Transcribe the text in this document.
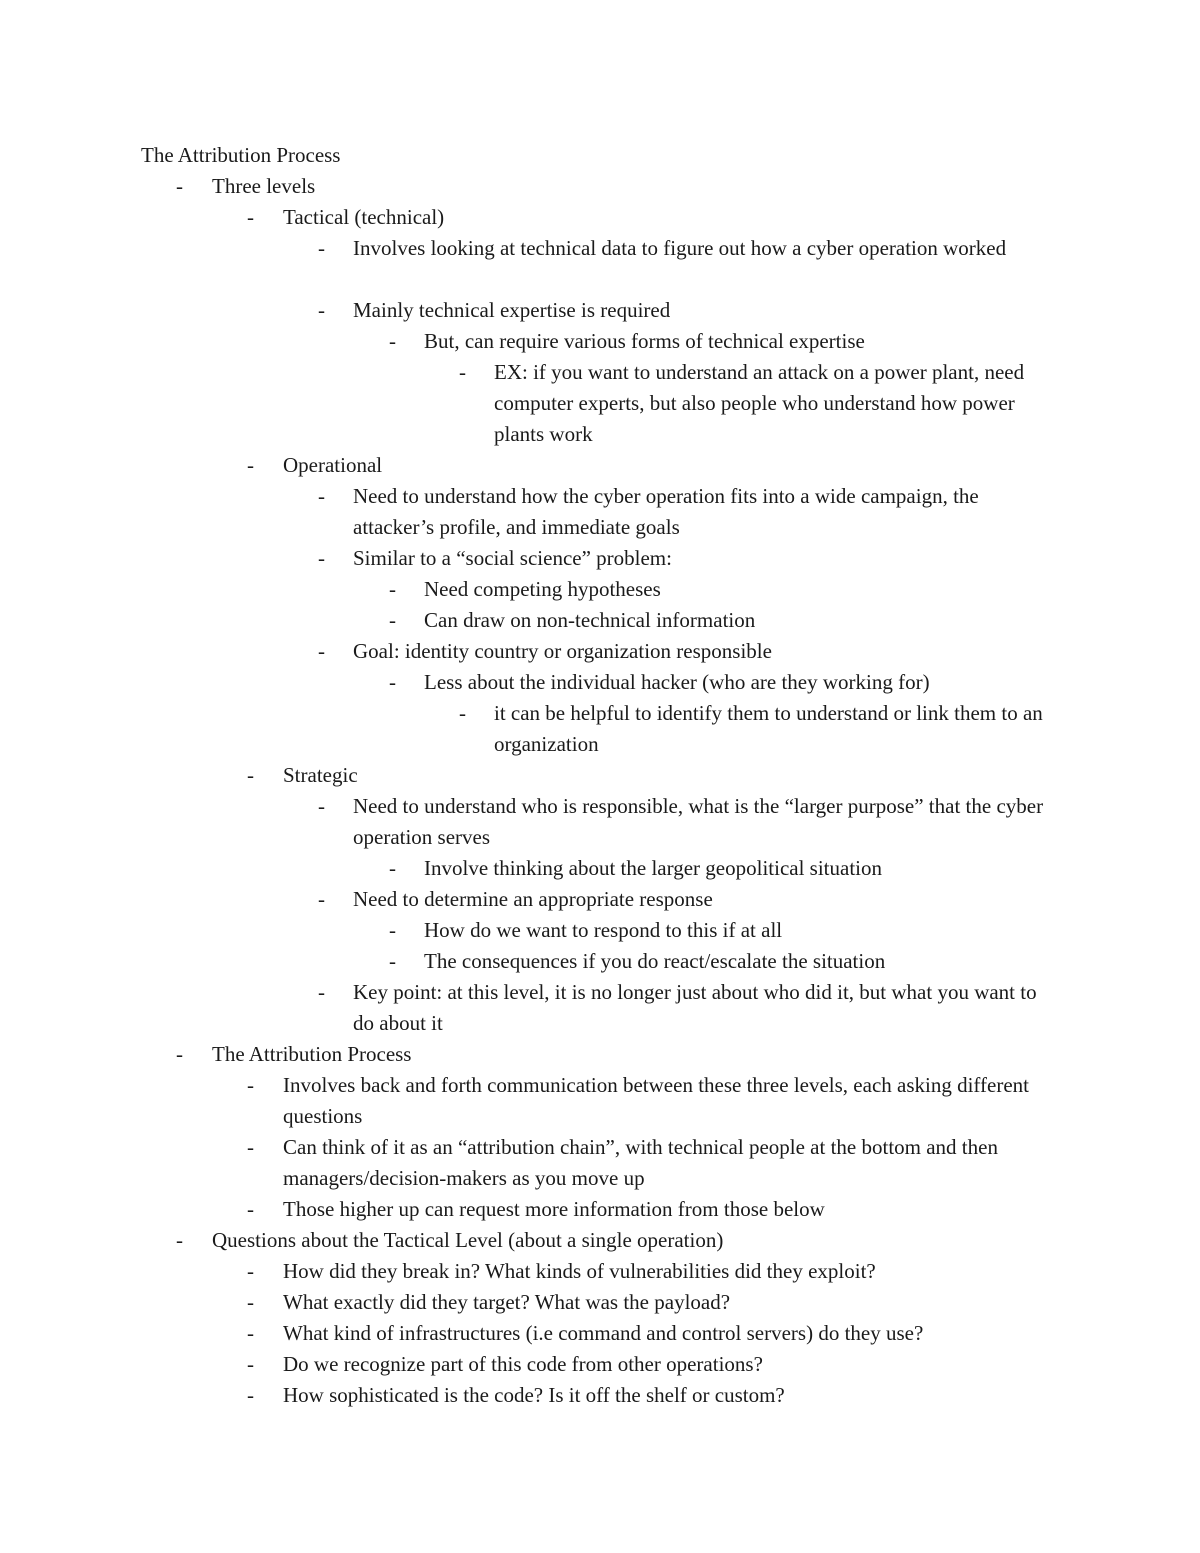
The Attribution Process
-	Three levels
-	Tactical (technical)
-	Involves looking at technical data to figure out how a cyber operation worked
-	Mainly technical expertise is required
-	But, can require various forms of technical expertise
-	EX: if you want to understand an attack on a power plant, need computer experts, but also people who understand how power plants work
-	Operational
-	Need to understand how the cyber operation fits into a wide campaign, the attacker’s profile, and immediate goals
-	Similar to a “social science” problem:
-	Need competing hypotheses
-	Can draw on non-technical information
-	Goal: identity country or organization responsible
-	Less about the individual hacker (who are they working for)
-	it can be helpful to identify them to understand or link them to an organization
-	Strategic
-	Need to understand who is responsible, what is the “larger purpose” that the cyber operation serves
-	Involve thinking about the larger geopolitical situation
-	Need to determine an appropriate response
-	How do we want to respond to this if at all
-	The consequences if you do react/escalate the situation
-	Key point: at this level, it is no longer just about who did it, but what you want to do about it
-	The Attribution Process
-	Involves back and forth communication between these three levels, each asking different questions
-	Can think of it as an “attribution chain”, with technical people at the bottom and then managers/decision-makers as you move up
-	Those higher up can request more information from those below
-	Questions about the Tactical Level (about a single operation)
-	How did they break in? What kinds of vulnerabilities did they exploit?
-	What exactly did they target? What was the payload?
-	What kind of infrastructures (i.e command and control servers) do they use?
-	Do we recognize part of this code from other operations?
-	How sophisticated is the code? Is it off the shelf or custom?
